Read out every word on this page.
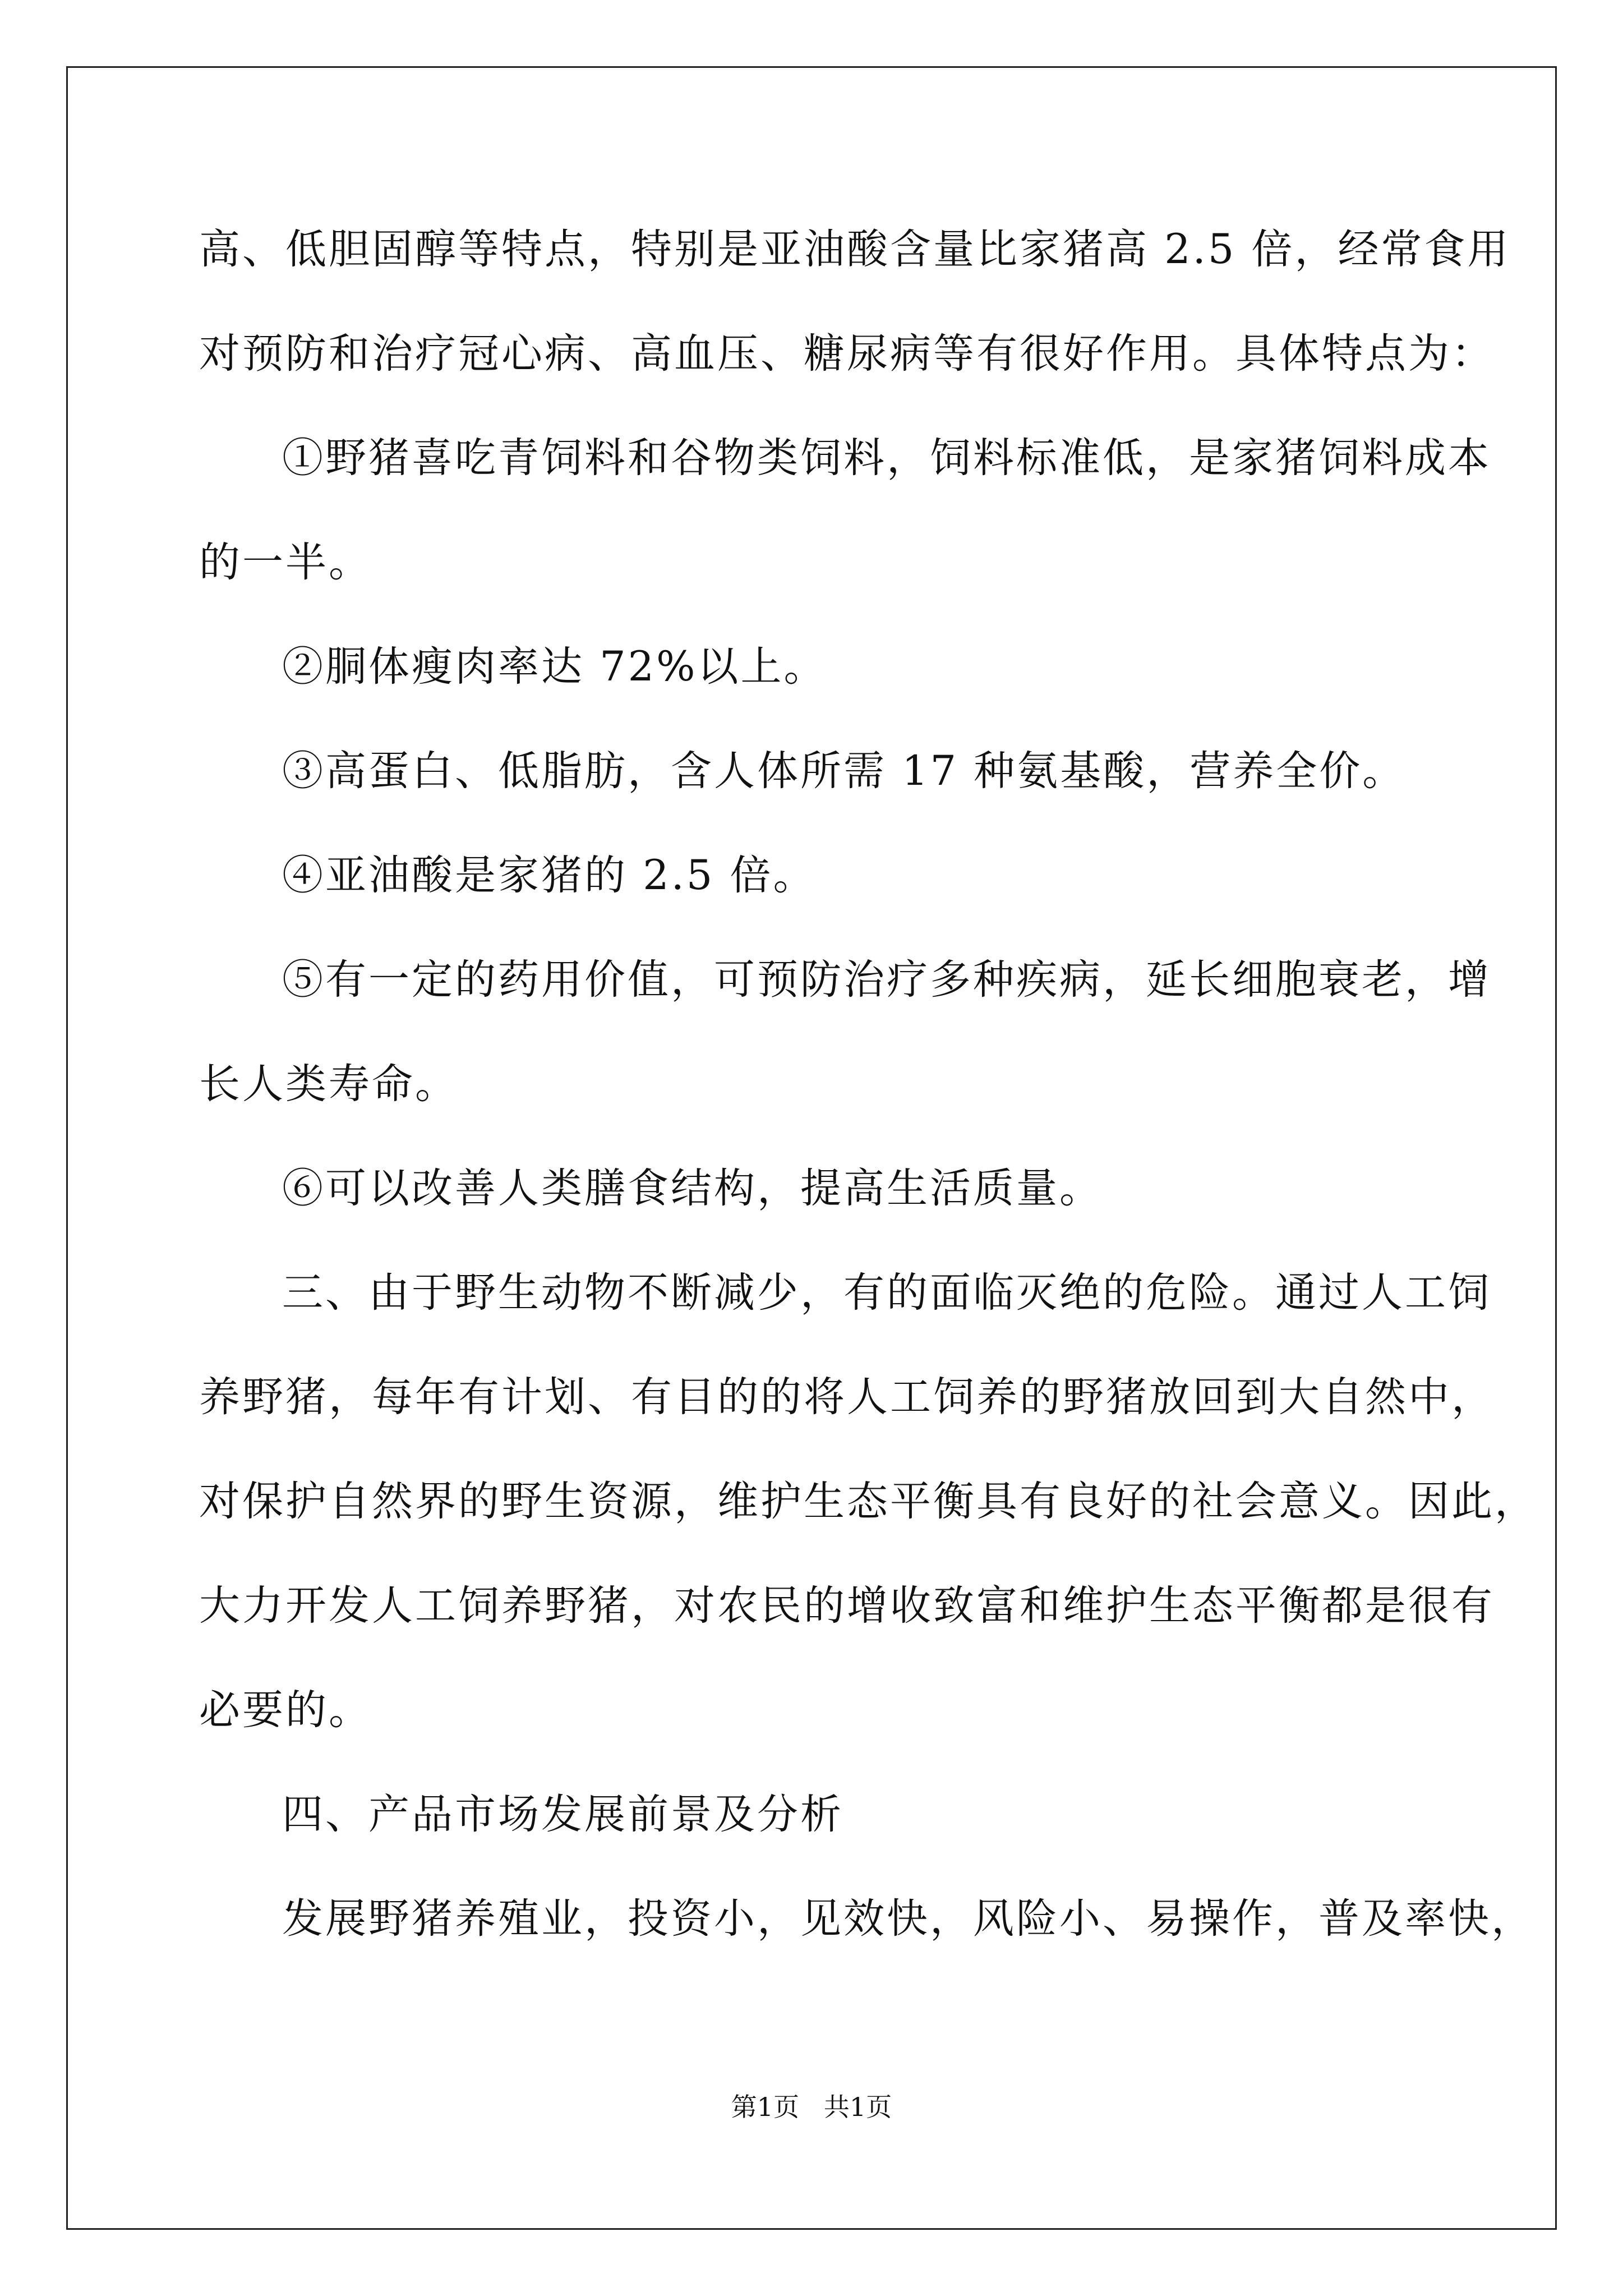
高、低胆固醇等特点，特别是亚油酸含量比家猪高 2.5 倍，经常食用
对预防和治疗冠心病、高血压、糖尿病等有很好作用。具体特点为：
①野猪喜吃青饲料和谷物类饲料，饲料标准低，是家猪饲料成本
的一半。
②胴体瘦肉率达 72%以上。
③高蛋白、低脂肪，含人体所需 17 种氨基酸，营养全价。
④亚油酸是家猪的 2.5 倍。
⑤有一定的药用价值，可预防治疗多种疾病，延长细胞衰老，增
长人类寿命。
⑥可以改善人类膳食结构，提高生活质量。
三、由于野生动物不断减少，有的面临灭绝的危险。通过人工饲
养野猪，每年有计划、有目的的将人工饲养的野猪放回到大自然中，
对保护自然界的野生资源，维护生态平衡具有良好的社会意义。因此，
大力开发人工饲养野猪，对农民的增收致富和维护生态平衡都是很有
必要的。
四、产品市场发展前景及分析
发展野猪养殖业，投资小，见效快，风险小、易操作，普及率快，
第1页   共1页
